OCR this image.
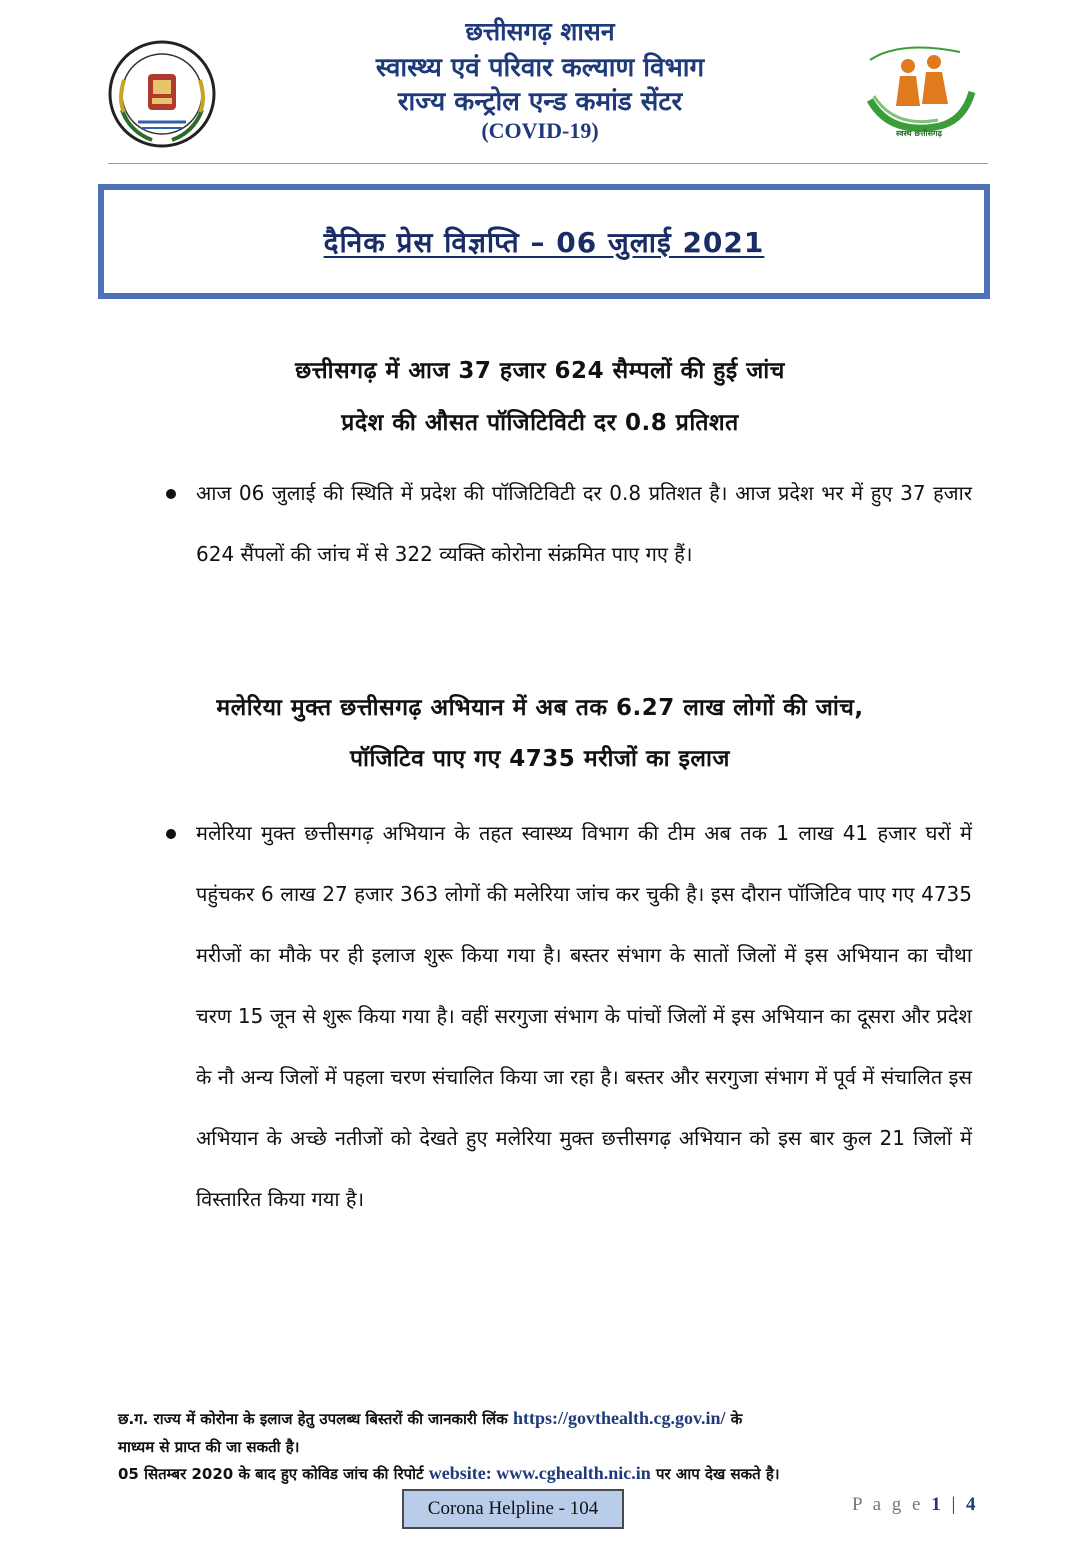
छत्तीसगढ़ शासन
स्वास्थ्य एवं परिवार कल्याण विभाग
राज्य कन्ट्रोल एन्ड कमांड सेंटर
(COVID-19)	स्वस्थ छत्तीसगढ़
दैनिक प्रेस विज्ञप्ति – 06 जुलाई 2021
छत्तीसगढ़ में आज 37 हजार 624 सैम्पलों की हुई जांच
प्रदेश की औसत पॉजिटिविटी दर 0.8 प्रतिशत
आज 06 जुलाई की स्थिति में प्रदेश की पॉजिटिविटी दर 0.8 प्रतिशत है। आज प्रदेश भर में हुए 37 हजार 624 सैंपलों की जांच में से 322 व्यक्ति कोरोना संक्रमित पाए गए हैं।
मलेरिया मुक्त छत्तीसगढ़ अभियान में अब तक 6.27 लाख लोगों की जांच,
पॉजिटिव पाए गए 4735 मरीजों का इलाज
मलेरिया मुक्त छत्तीसगढ़ अभियान के तहत स्वास्थ्य विभाग की टीम अब तक 1 लाख 41 हजार घरों में पहुंचकर 6 लाख 27 हजार 363 लोगों की मलेरिया जांच कर चुकी है। इस दौरान पॉजिटिव पाए गए 4735 मरीजों का मौके पर ही इलाज शुरू किया गया है। बस्तर संभाग के सातों जिलों में इस अभियान का चौथा चरण 15 जून से शुरू किया गया है। वहीं सरगुजा संभाग के पांचों जिलों में इस अभियान का दूसरा और प्रदेश के नौ अन्य जिलों में पहला चरण संचालित किया जा रहा है। बस्तर और सरगुजा संभाग में पूर्व में संचालित इस अभियान के अच्छे नतीजों को देखते हुए मलेरिया मुक्त छत्तीसगढ़ अभियान को इस बार कुल 21 जिलों में विस्तारित किया गया है।
छ.ग. राज्य में कोरोना के इलाज हेतु उपलब्ध बिस्तरों की जानकारी लिंक https://govthealth.cg.gov.in/ के
माध्यम से प्राप्त की जा सकती है।
05 सितम्बर 2020 के बाद हुए कोविड जांच की रिपोर्ट website: www.cghealth.nic.in पर आप देख सकते है।
Corona Helpline - 104	P a g e 1 | 4
